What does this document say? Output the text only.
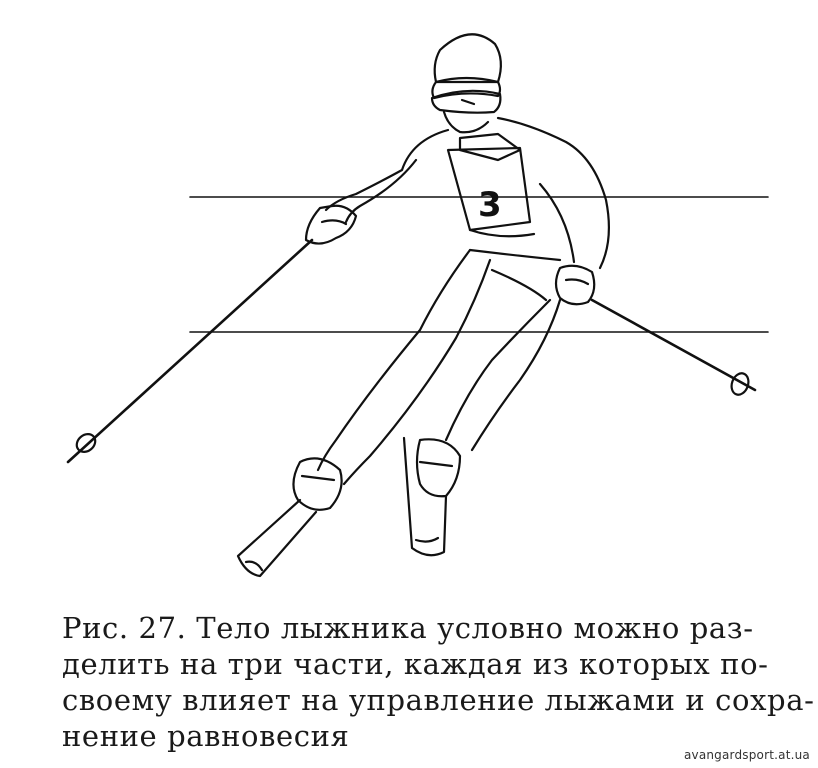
3
Рис. 27. Тело лыжника условно можно раз-
делить на три части, каждая из которых по-
своему влияет на управление лыжами и сохра-
нение равновесия
avangardsport.at.ua
